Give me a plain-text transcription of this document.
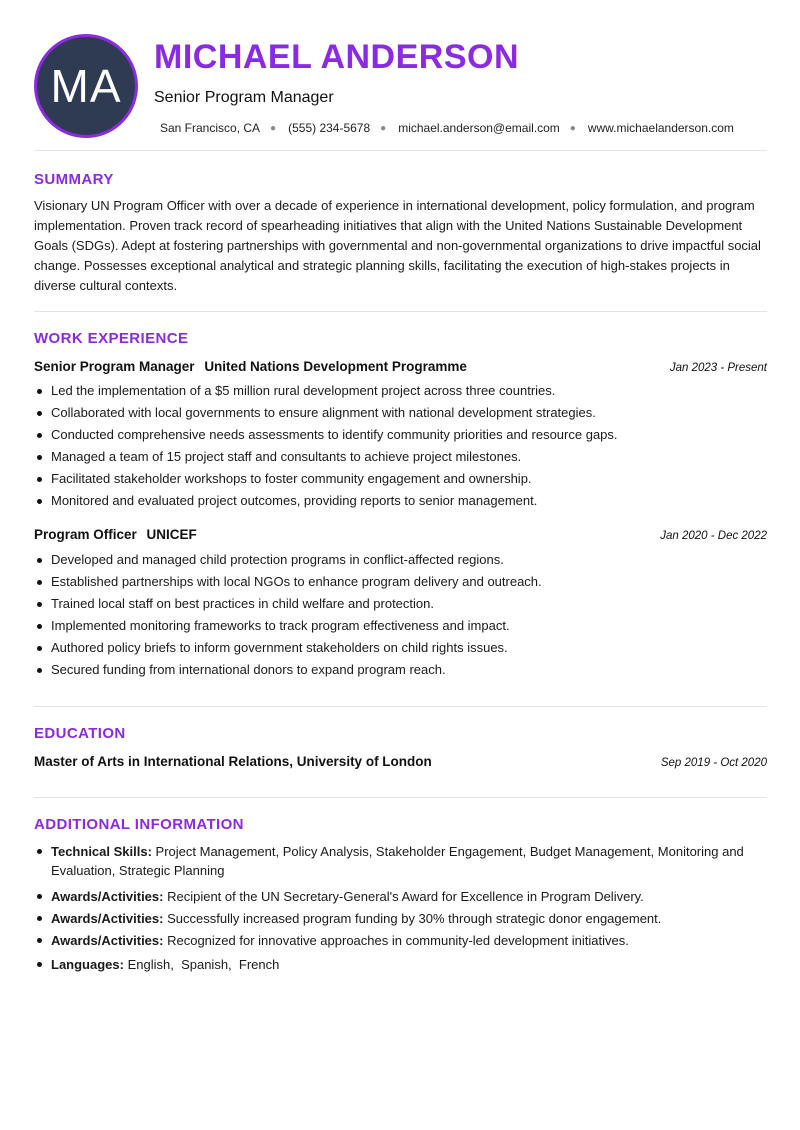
MA
MICHAEL ANDERSON
Senior Program Manager
San Francisco, CA ● (555) 234-5678 ● michael.anderson@email.com ● www.michaelanderson.com
SUMMARY
Visionary UN Program Officer with over a decade of experience in international development, policy formulation, and program implementation. Proven track record of spearheading initiatives that align with the United Nations Sustainable Development Goals (SDGs). Adept at fostering partnerships with governmental and non-governmental organizations to drive impactful social change. Possesses exceptional analytical and strategic planning skills, facilitating the execution of high-stakes projects in diverse cultural contexts.
WORK EXPERIENCE
Senior Program Manager United Nations Development Programme	Jan 2023 - Present
Led the implementation of a $5 million rural development project across three countries.
Collaborated with local governments to ensure alignment with national development strategies.
Conducted comprehensive needs assessments to identify community priorities and resource gaps.
Managed a team of 15 project staff and consultants to achieve project milestones.
Facilitated stakeholder workshops to foster community engagement and ownership.
Monitored and evaluated project outcomes, providing reports to senior management.
Program Officer UNICEF	Jan 2020 - Dec 2022
Developed and managed child protection programs in conflict-affected regions.
Established partnerships with local NGOs to enhance program delivery and outreach.
Trained local staff on best practices in child welfare and protection.
Implemented monitoring frameworks to track program effectiveness and impact.
Authored policy briefs to inform government stakeholders on child rights issues.
Secured funding from international donors to expand program reach.
EDUCATION
Master of Arts in International Relations, University of London	Sep 2019 - Oct 2020
ADDITIONAL INFORMATION
Technical Skills: Project Management, Policy Analysis, Stakeholder Engagement, Budget Management, Monitoring and Evaluation, Strategic Planning
Awards/Activities: Recipient of the UN Secretary-General's Award for Excellence in Program Delivery.
Awards/Activities: Successfully increased program funding by 30% through strategic donor engagement.
Awards/Activities: Recognized for innovative approaches in community-led development initiatives.
Languages: English,  Spanish,  French
